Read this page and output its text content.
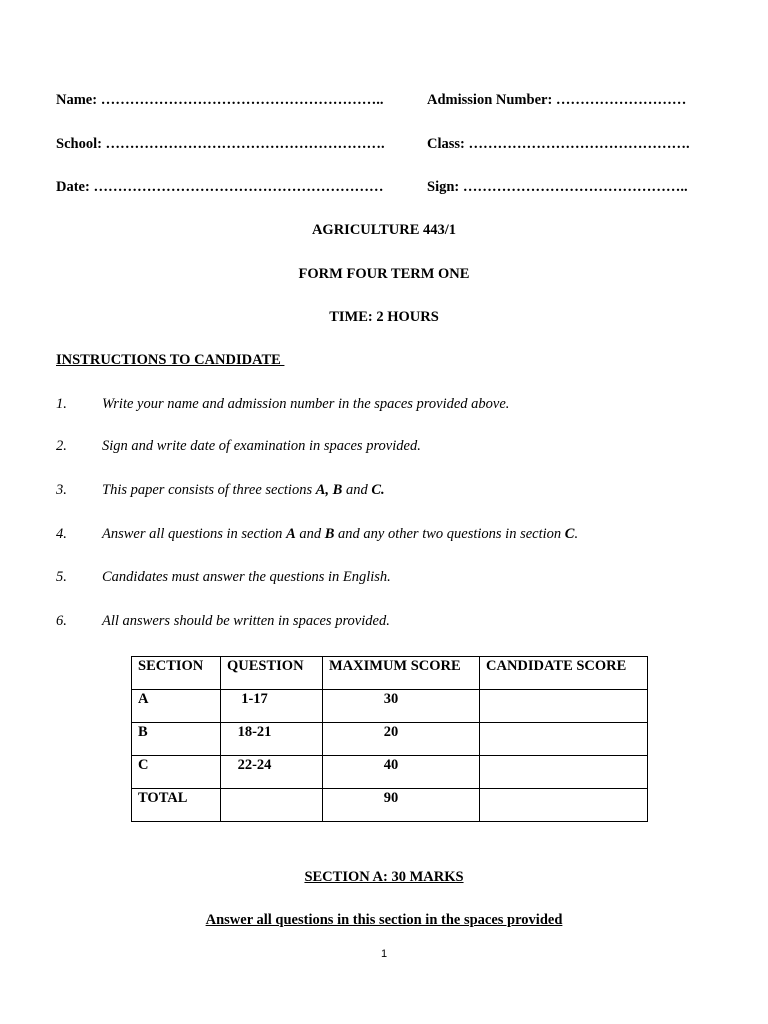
Name: …………………………………………………..	Admission Number: ………………………
School: ………………………………………………….	Class: ……………………………………….
Date: ……………………………………………………	Sign: ………………………………………..
AGRICULTURE 443/1
FORM FOUR TERM ONE
TIME: 2 HOURS
INSTRUCTIONS TO CANDIDATE
1. Write your name and admission number in the spaces provided above.
2. Sign and write date of examination in spaces provided.
3. This paper consists of three sections A, B and C.
4. Answer all questions in section A and B and any other two questions in section C.
5. Candidates must answer the questions in English.
6. All answers should be written in spaces provided.
SECTION	QUESTION	MAXIMUM SCORE	CANDIDATE SCORE
A	1-17	30	
B	18-21	20	
C	22-24	40	
TOTAL		90	
SECTION A: 30 MARKS
Answer all questions in this section in the spaces provided
1
